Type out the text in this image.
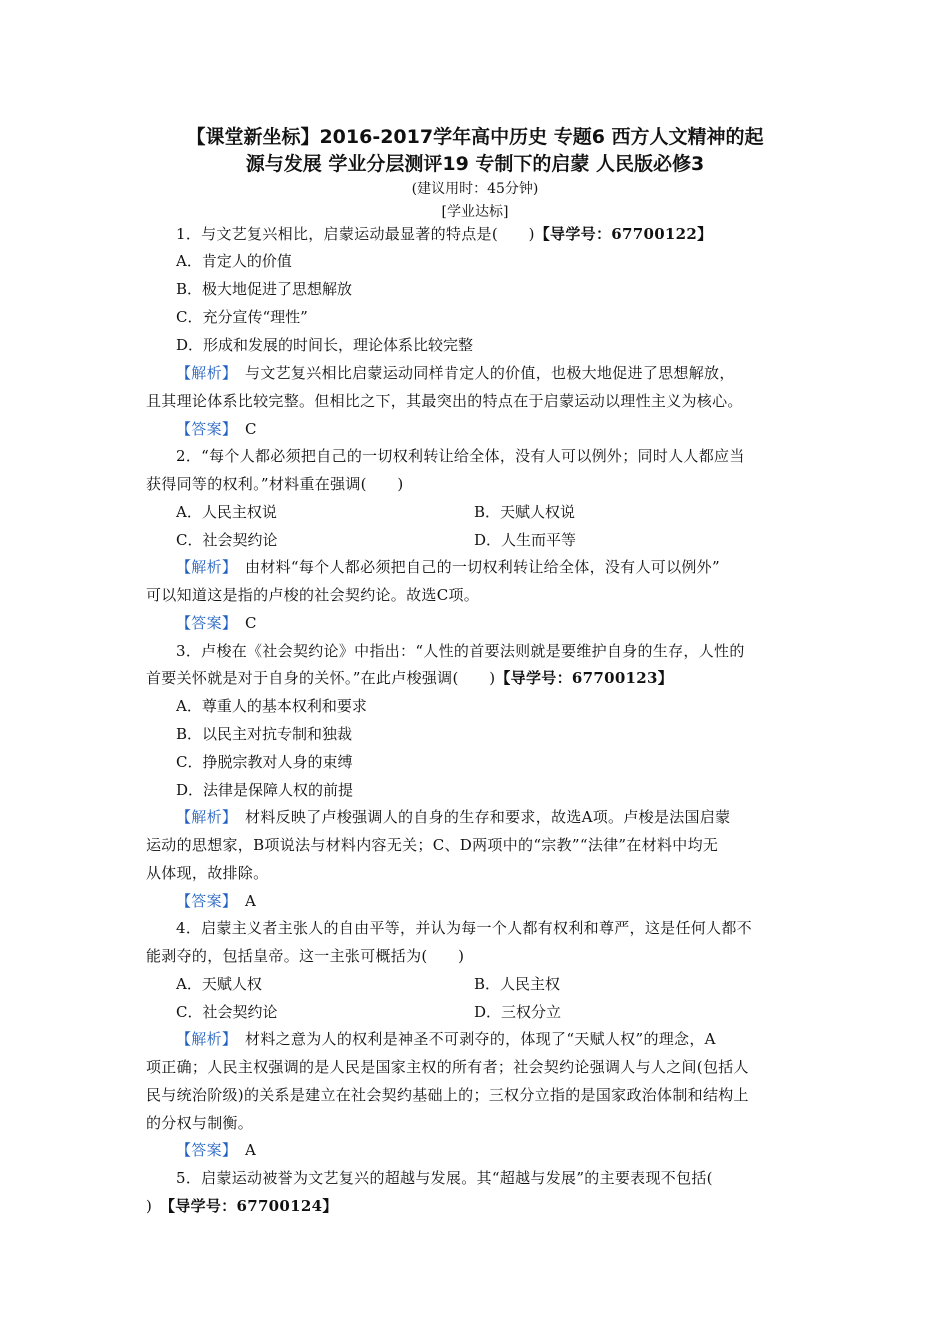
【课堂新坐标】2016-2017学年高中历史 专题6 西方人文精神的起
源与发展 学业分层测评19 专制下的启蒙 人民版必修3
(建议用时：45分钟)
[学业达标]
1．与文艺复兴相比，启蒙运动最显著的特点是(　　)【导学号：67700122】
A．肯定人的价值
B．极大地促进了思想解放
C．充分宣传“理性”
D．形成和发展的时间长，理论体系比较完整
【解析】　 与文艺复兴相比启蒙运动同样肯定人的价值，也极大地促进了思想解放，
且其理论体系比较完整。但相比之下，其最突出的特点在于启蒙运动以理性主义为核心。
【答案】　 C
2．“每个人都必须把自己的一切权利转让给全体，没有人可以例外；同时人人都应当
获得同等的权利。”材料重在强调(　　)
A．人民主权说	B．天赋人权说
C．社会契约论	D．人生而平等
【解析】　 由材料“每个人都必须把自己的一切权利转让给全体，没有人可以例外”
可以知道这是指的卢梭的社会契约论。故选C项。
【答案】　 C
3．卢梭在《社会契约论》中指出：“人性的首要法则就是要维护自身的生存，人性的
首要关怀就是对于自身的关怀。”在此卢梭强调(　　)【导学号：67700123】
A．尊重人的基本权利和要求
B．以民主对抗专制和独裁
C．挣脱宗教对人身的束缚
D．法律是保障人权的前提
【解析】　 材料反映了卢梭强调人的自身的生存和要求，故选A项。卢梭是法国启蒙
运动的思想家，B项说法与材料内容无关；C、D两项中的“宗教”“法律”在材料中均无
从体现，故排除。
【答案】　 A
4．启蒙主义者主张人的自由平等，并认为每一个人都有权利和尊严，这是任何人都不
能剥夺的，包括皇帝。这一主张可概括为(　　)
A．天赋人权	B．人民主权
C．社会契约论	D．三权分立
【解析】　 材料之意为人的权利是神圣不可剥夺的，体现了“天赋人权”的理念，A
项正确；人民主权强调的是人民是国家主权的所有者；社会契约论强调人与人之间(包括人
民与统治阶级)的关系是建立在社会契约基础上的；三权分立指的是国家政治体制和结构上
的分权与制衡。
【答案】　 A
5．启蒙运动被誉为文艺复兴的超越与发展。其“超越与发展”的主要表现不包括(
)　 【导学号：67700124】
